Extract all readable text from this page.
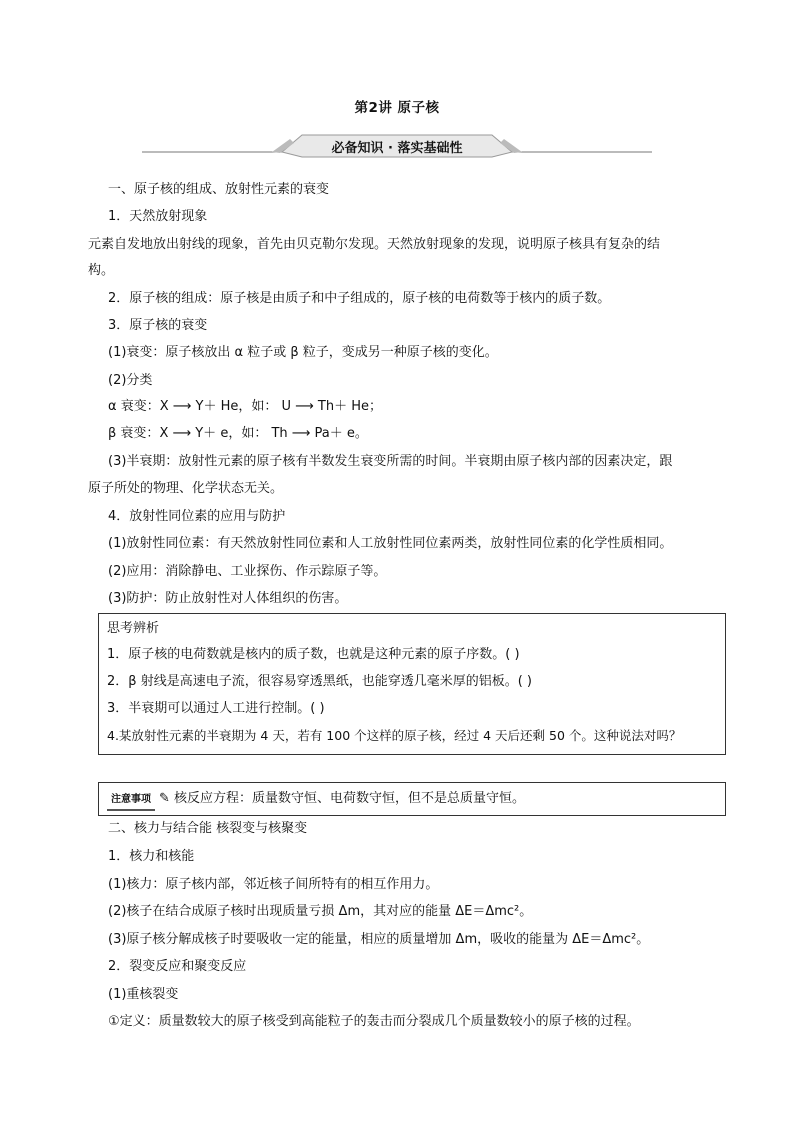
第2讲 原子核
必备知识 · 落实基础性
一、原子核的组成、放射性元素的衰变
1．天然放射现象
元素自发地放出射线的现象，首先由贝克勒尔发现。天然放射现象的发现，说明原子核具有复杂的结
构。
2．原子核的组成：原子核是由质子和中子组成的，原子核的电荷数等于核内的质子数。
3．原子核的衰变
(1)衰变：原子核放出 α 粒子或 β 粒子，变成另一种原子核的变化。
(2)分类
α 衰变：X ⟶ Y＋ He，如： U ⟶ Th＋ He；
β 衰变：X ⟶ Y＋ e，如： Th ⟶ Pa＋ e。
(3)半衰期：放射性元素的原子核有半数发生衰变所需的时间。半衰期由原子核内部的因素决定，跟
原子所处的物理、化学状态无关。
4．放射性同位素的应用与防护
(1)放射性同位素：有天然放射性同位素和人工放射性同位素两类，放射性同位素的化学性质相同。
(2)应用：消除静电、工业探伤、作示踪原子等。
(3)防护：防止放射性对人体组织的伤害。
思考辨析
1．原子核的电荷数就是核内的质子数，也就是这种元素的原子序数。( )
2．β 射线是高速电子流，很容易穿透黑纸，也能穿透几毫米厚的铝板。( )
3．半衰期可以通过人工进行控制。( )
4.某放射性元素的半衰期为 4 天，若有 100 个这样的原子核，经过 4 天后还剩 50 个。这种说法对吗？
注意事项 ✎ 核反应方程：质量数守恒、电荷数守恒，但不是总质量守恒。
二、核力与结合能 核裂变与核聚变
1．核力和核能
(1)核力：原子核内部，邻近核子间所特有的相互作用力。
(2)核子在结合成原子核时出现质量亏损 Δm，其对应的能量 ΔE＝Δmc²。
(3)原子核分解成核子时要吸收一定的能量，相应的质量增加 Δm，吸收的能量为 ΔE＝Δmc²。
2．裂变反应和聚变反应
(1)重核裂变
①定义：质量数较大的原子核受到高能粒子的轰击而分裂成几个质量数较小的原子核的过程。
